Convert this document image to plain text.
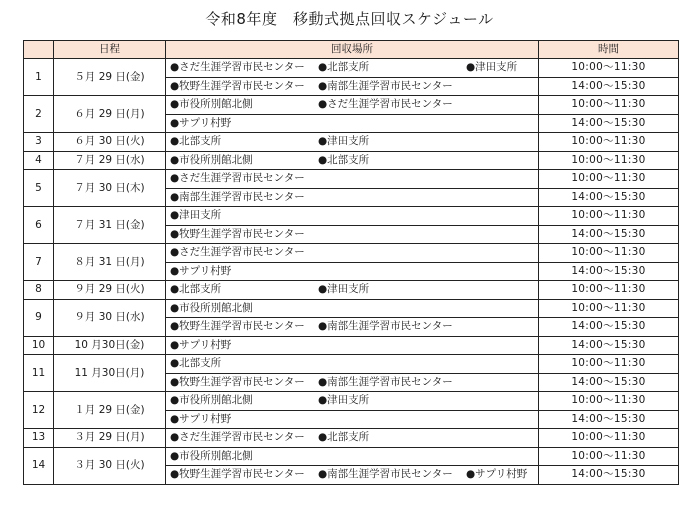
令和8年度　移動式拠点回収スケジュール
	日程	回収場所	時間
1	５月 29 日(金)	●さだ生涯学習市民センター ●北部支所 ●津田支所	10:00～11:30
		●牧野生涯学習市民センター ●南部生涯学習市民センター	14:00～15:30
2	６月 29 日(月)	●市役所別館北側 ●さだ生涯学習市民センター	10:00～11:30
		●サプリ村野	14:00～15:30
3	６月 30 日(火)	●北部支所 ●津田支所	10:00～11:30
4	７月 29 日(水)	●市役所別館北側 ●北部支所	10:00～11:30
5	７月 30 日(木)	●さだ生涯学習市民センター	10:00～11:30
		●南部生涯学習市民センター	14:00～15:30
6	７月 31 日(金)	●津田支所	10:00～11:30
		●牧野生涯学習市民センター	14:00～15:30
7	８月 31 日(月)	●さだ生涯学習市民センター	10:00～11:30
		●サプリ村野	14:00～15:30
8	９月 29 日(火)	●北部支所 ●津田支所	10:00～11:30
9	９月 30 日(水)	●市役所別館北側	10:00～11:30
		●牧野生涯学習市民センター ●南部生涯学習市民センター	14:00～15:30
10	10 月30日(金)	●サプリ村野	14:00～15:30
11	11 月30日(月)	●北部支所	10:00～11:30
		●牧野生涯学習市民センター ●南部生涯学習市民センター	14:00～15:30
12	１月 29 日(金)	●市役所別館北側 ●津田支所	10:00～11:30
		●サプリ村野	14:00～15:30
13	３月 29 日(月)	●さだ生涯学習市民センター ●北部支所	10:00～11:30
14	３月 30 日(火)	●市役所別館北側	10:00～11:30
		●牧野生涯学習市民センター ●南部生涯学習市民センター ●サプリ村野	14:00～15:30
